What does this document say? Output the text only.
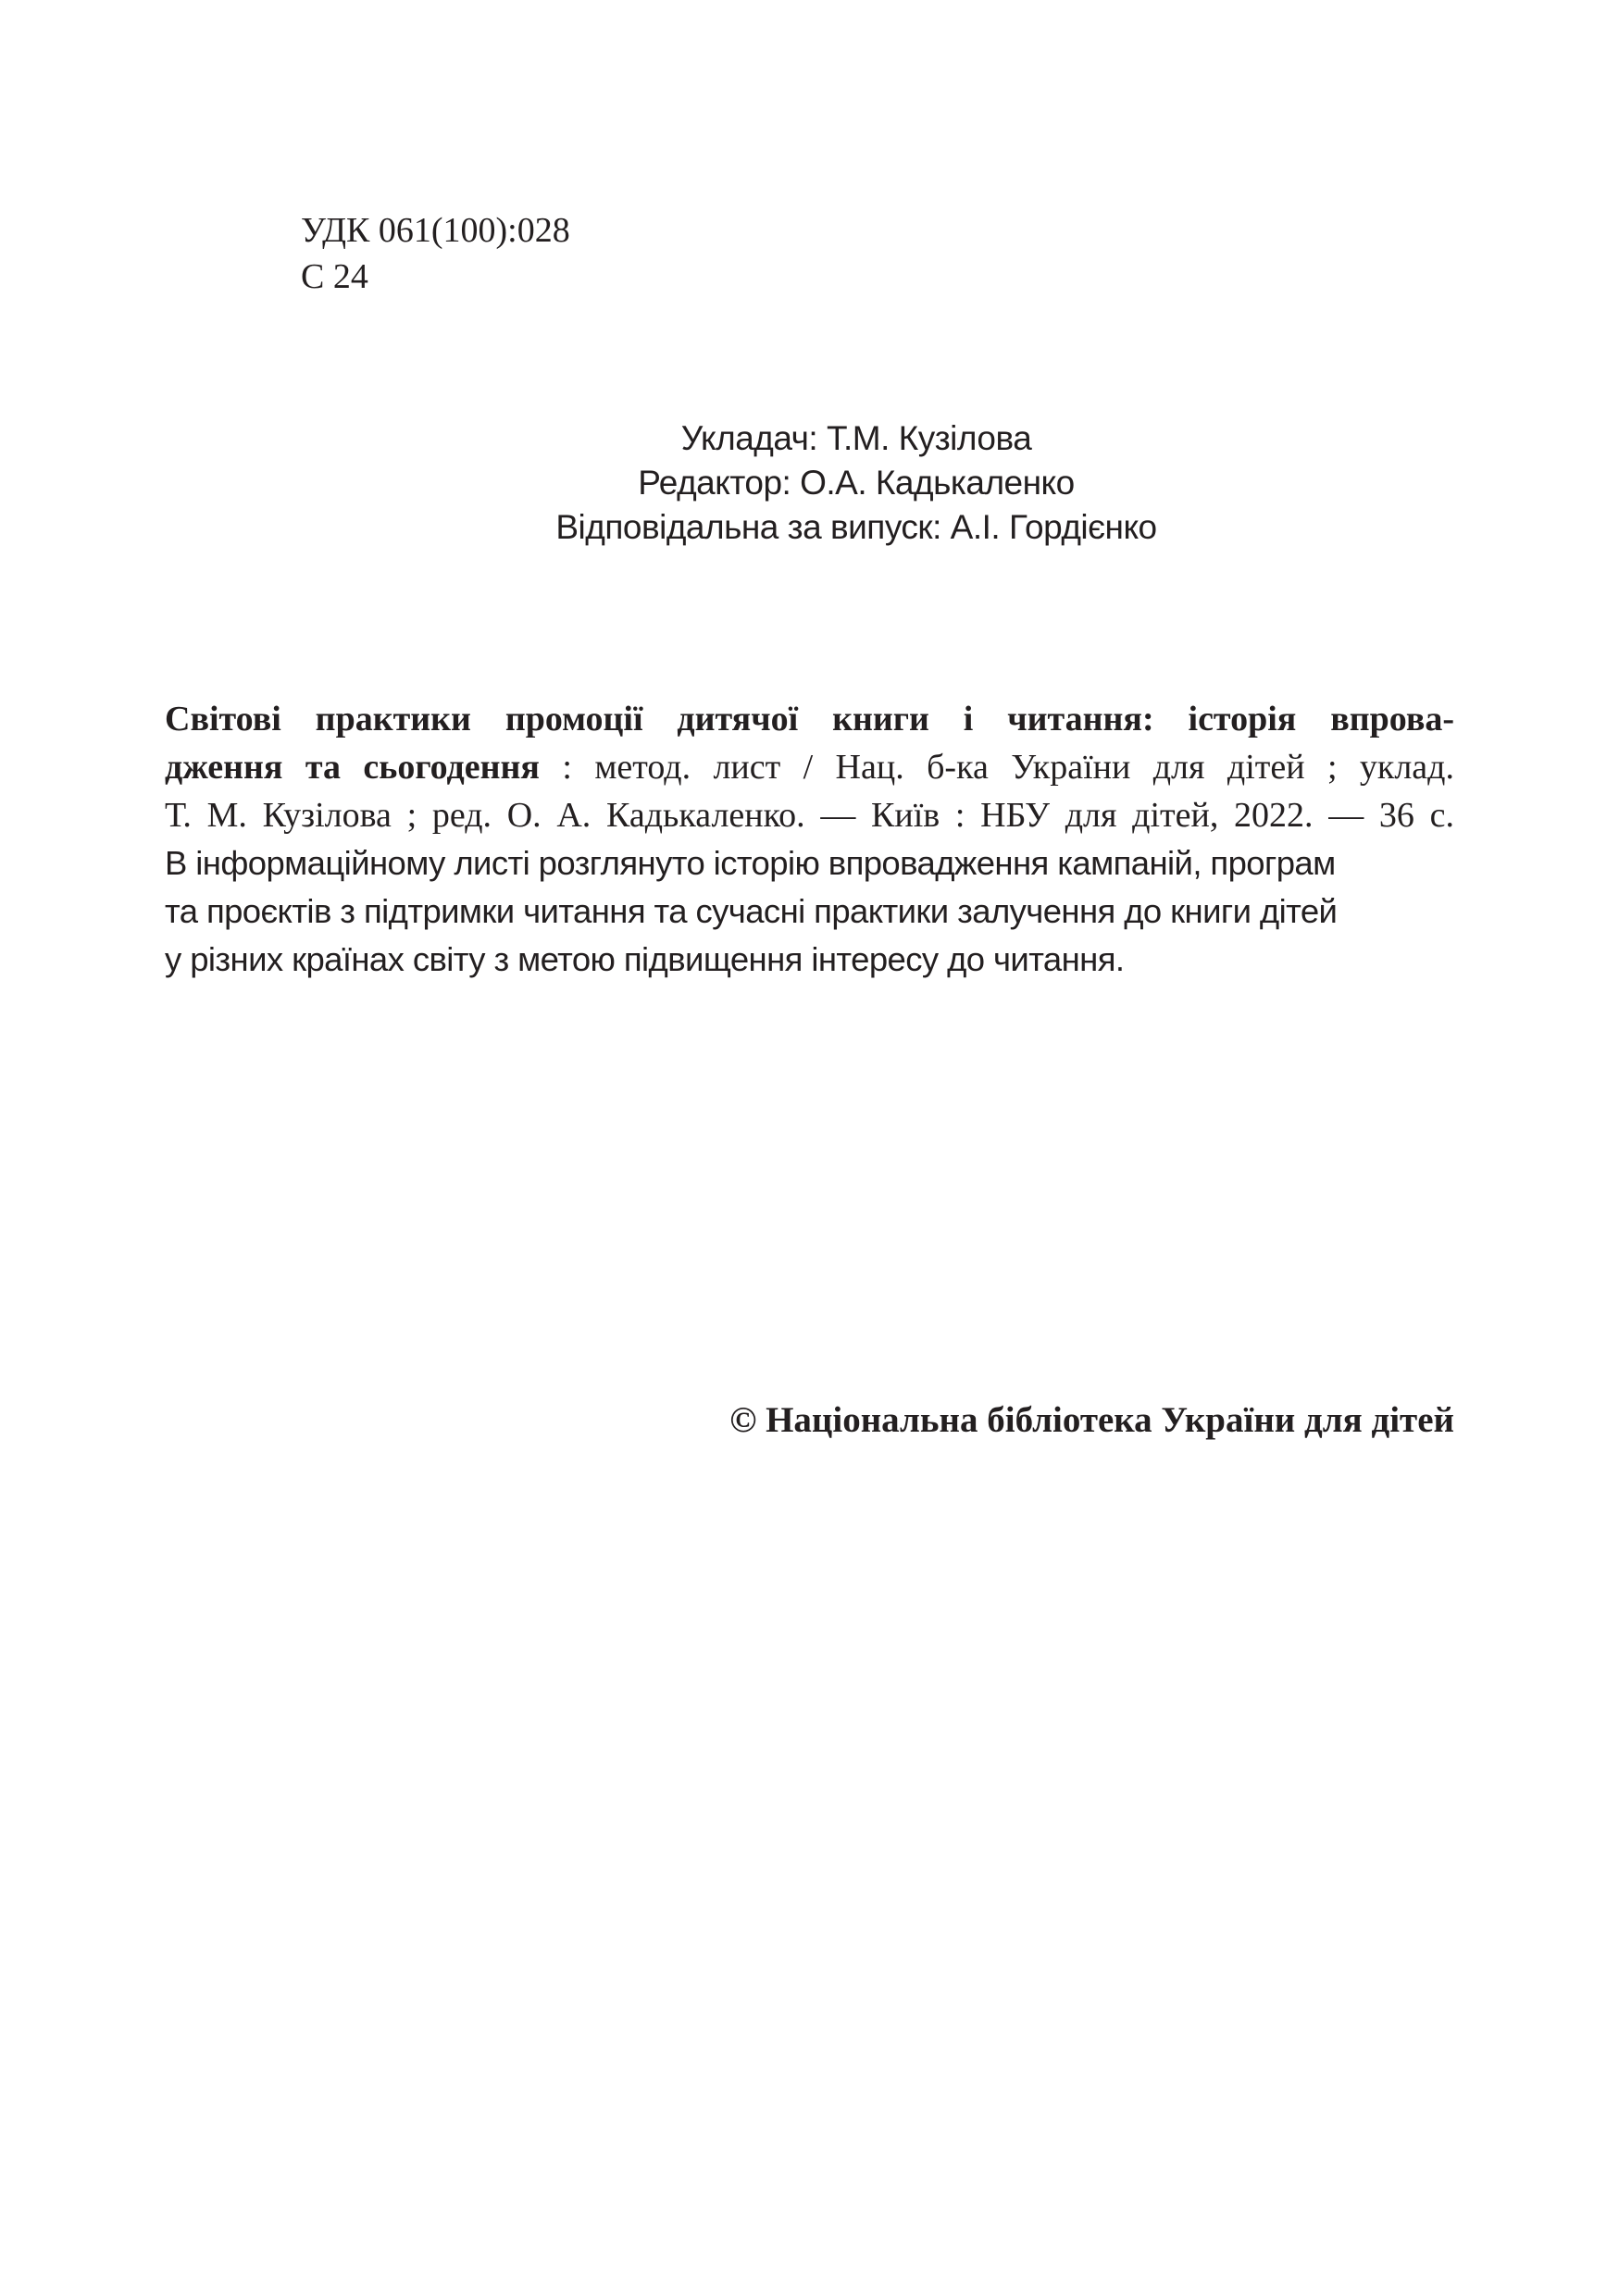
УДК 061(100):028
С 24
Укладач: Т.М. Кузілова
Редактор: О.А. Кадькаленко
Відповідальна за випуск: А.І. Гордієнко
Світові практики промоції дитячої книги і читання: історія впрова-
дження та сьогодення : метод. лист / Нац. б-ка України для дітей ; уклад.
Т. М. Кузілова ; ред. О. А. Кадькаленко. — Київ : НБУ для дітей, 2022. — 36 с.
В інформаційному листі розглянуто історію впровадження кампаній, програм
та проєктів з підтримки читання та сучасні практики залучення до книги дітей
у різних країнах світу з метою підвищення інтересу до читання.
© Національна бібліотека України для дітей
